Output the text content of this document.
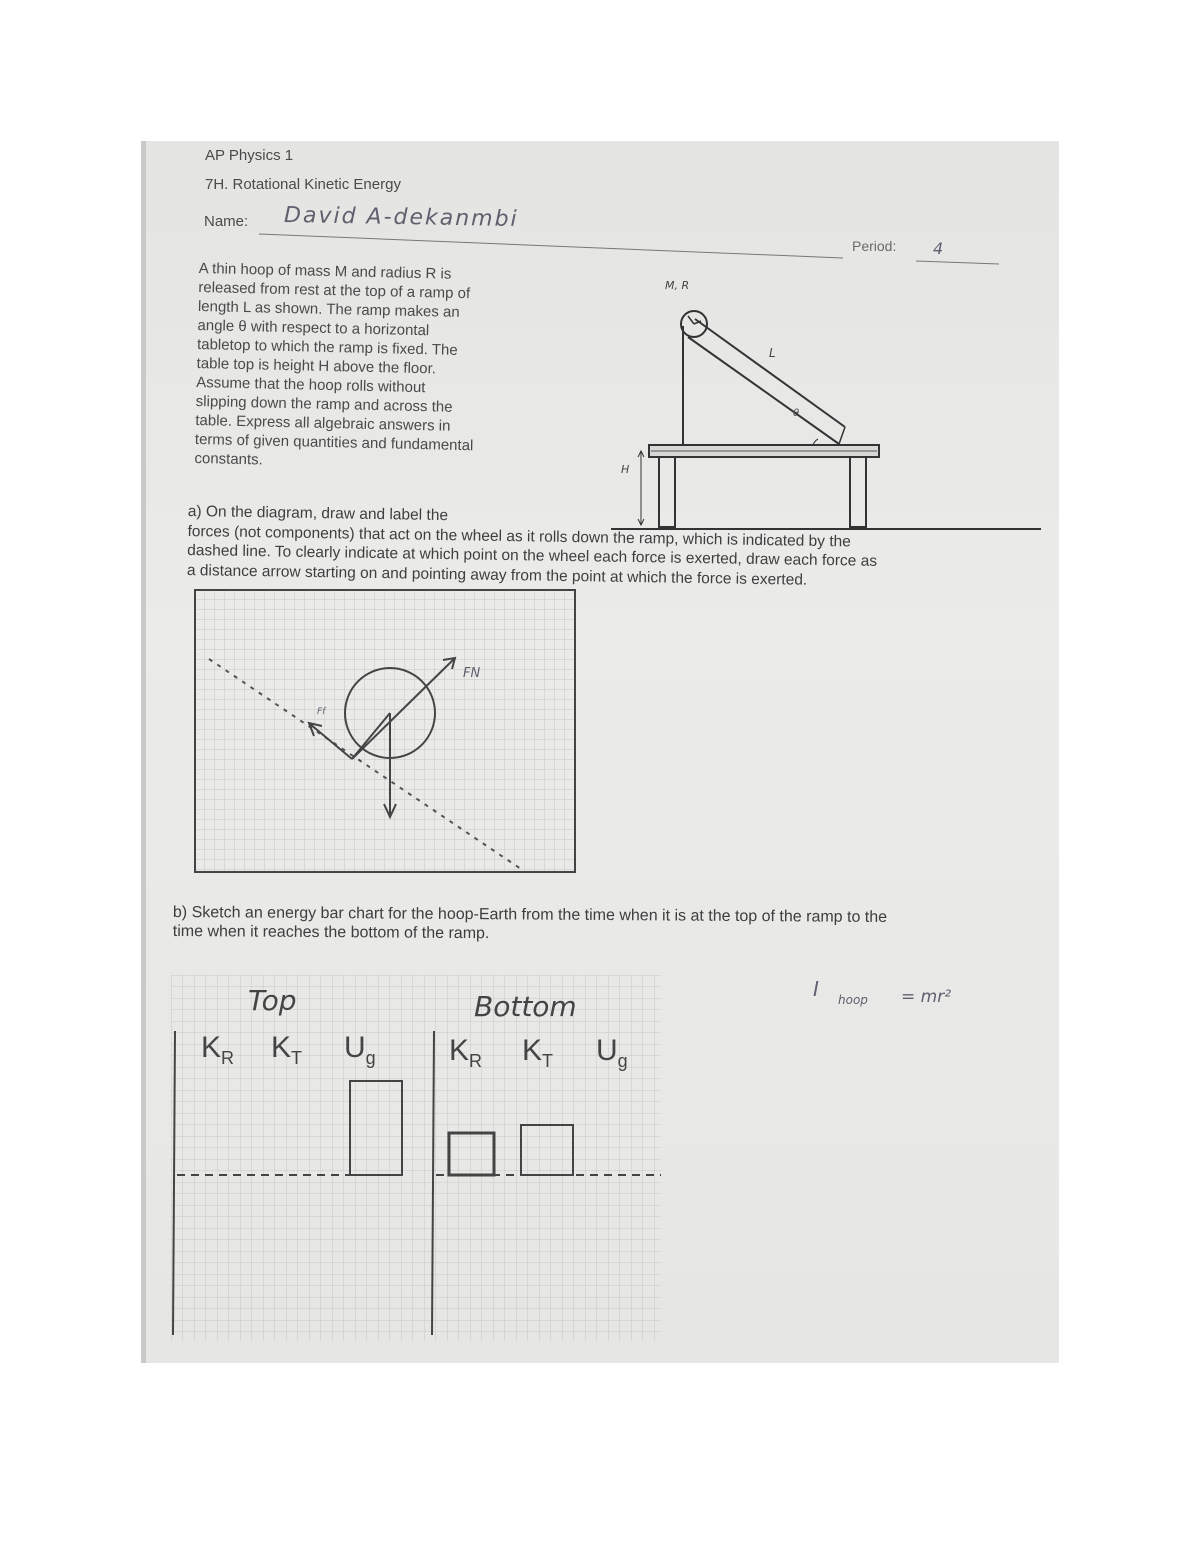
AP Physics 1
7H. Rotational Kinetic Energy
Name: David A-dekanmbi
Period: 4
A thin hoop of mass M and radius R is
released from rest at the top of a ramp of
length L as shown. The ramp makes an
angle θ with respect to a horizontal
tabletop to which the ramp is fixed. The
table top is height H above the floor.
Assume that the hoop rolls without
slipping down the ramp and across the
table. Express all algebraic answers in
terms of given quantities and fundamental
constants.
M, R
L
θ
H
a) On the diagram, draw and label the
forces (not components) that act on the wheel as it rolls down the ramp, which is indicated by the
dashed line. To clearly indicate at which point on the wheel each force is exerted, draw each force as
a distance arrow starting on and pointing away from the point at which the force is exerted.
FN
Ff
b) Sketch an energy bar chart for the hoop-Earth from the time when it is at the top of the ramp to the
time when it reaches the bottom of the ramp.
Top	Bottom
$K_R$ $K_T$ $U_g$ $K_R$ $K_T$ $U_g$
I hoop = mr²
